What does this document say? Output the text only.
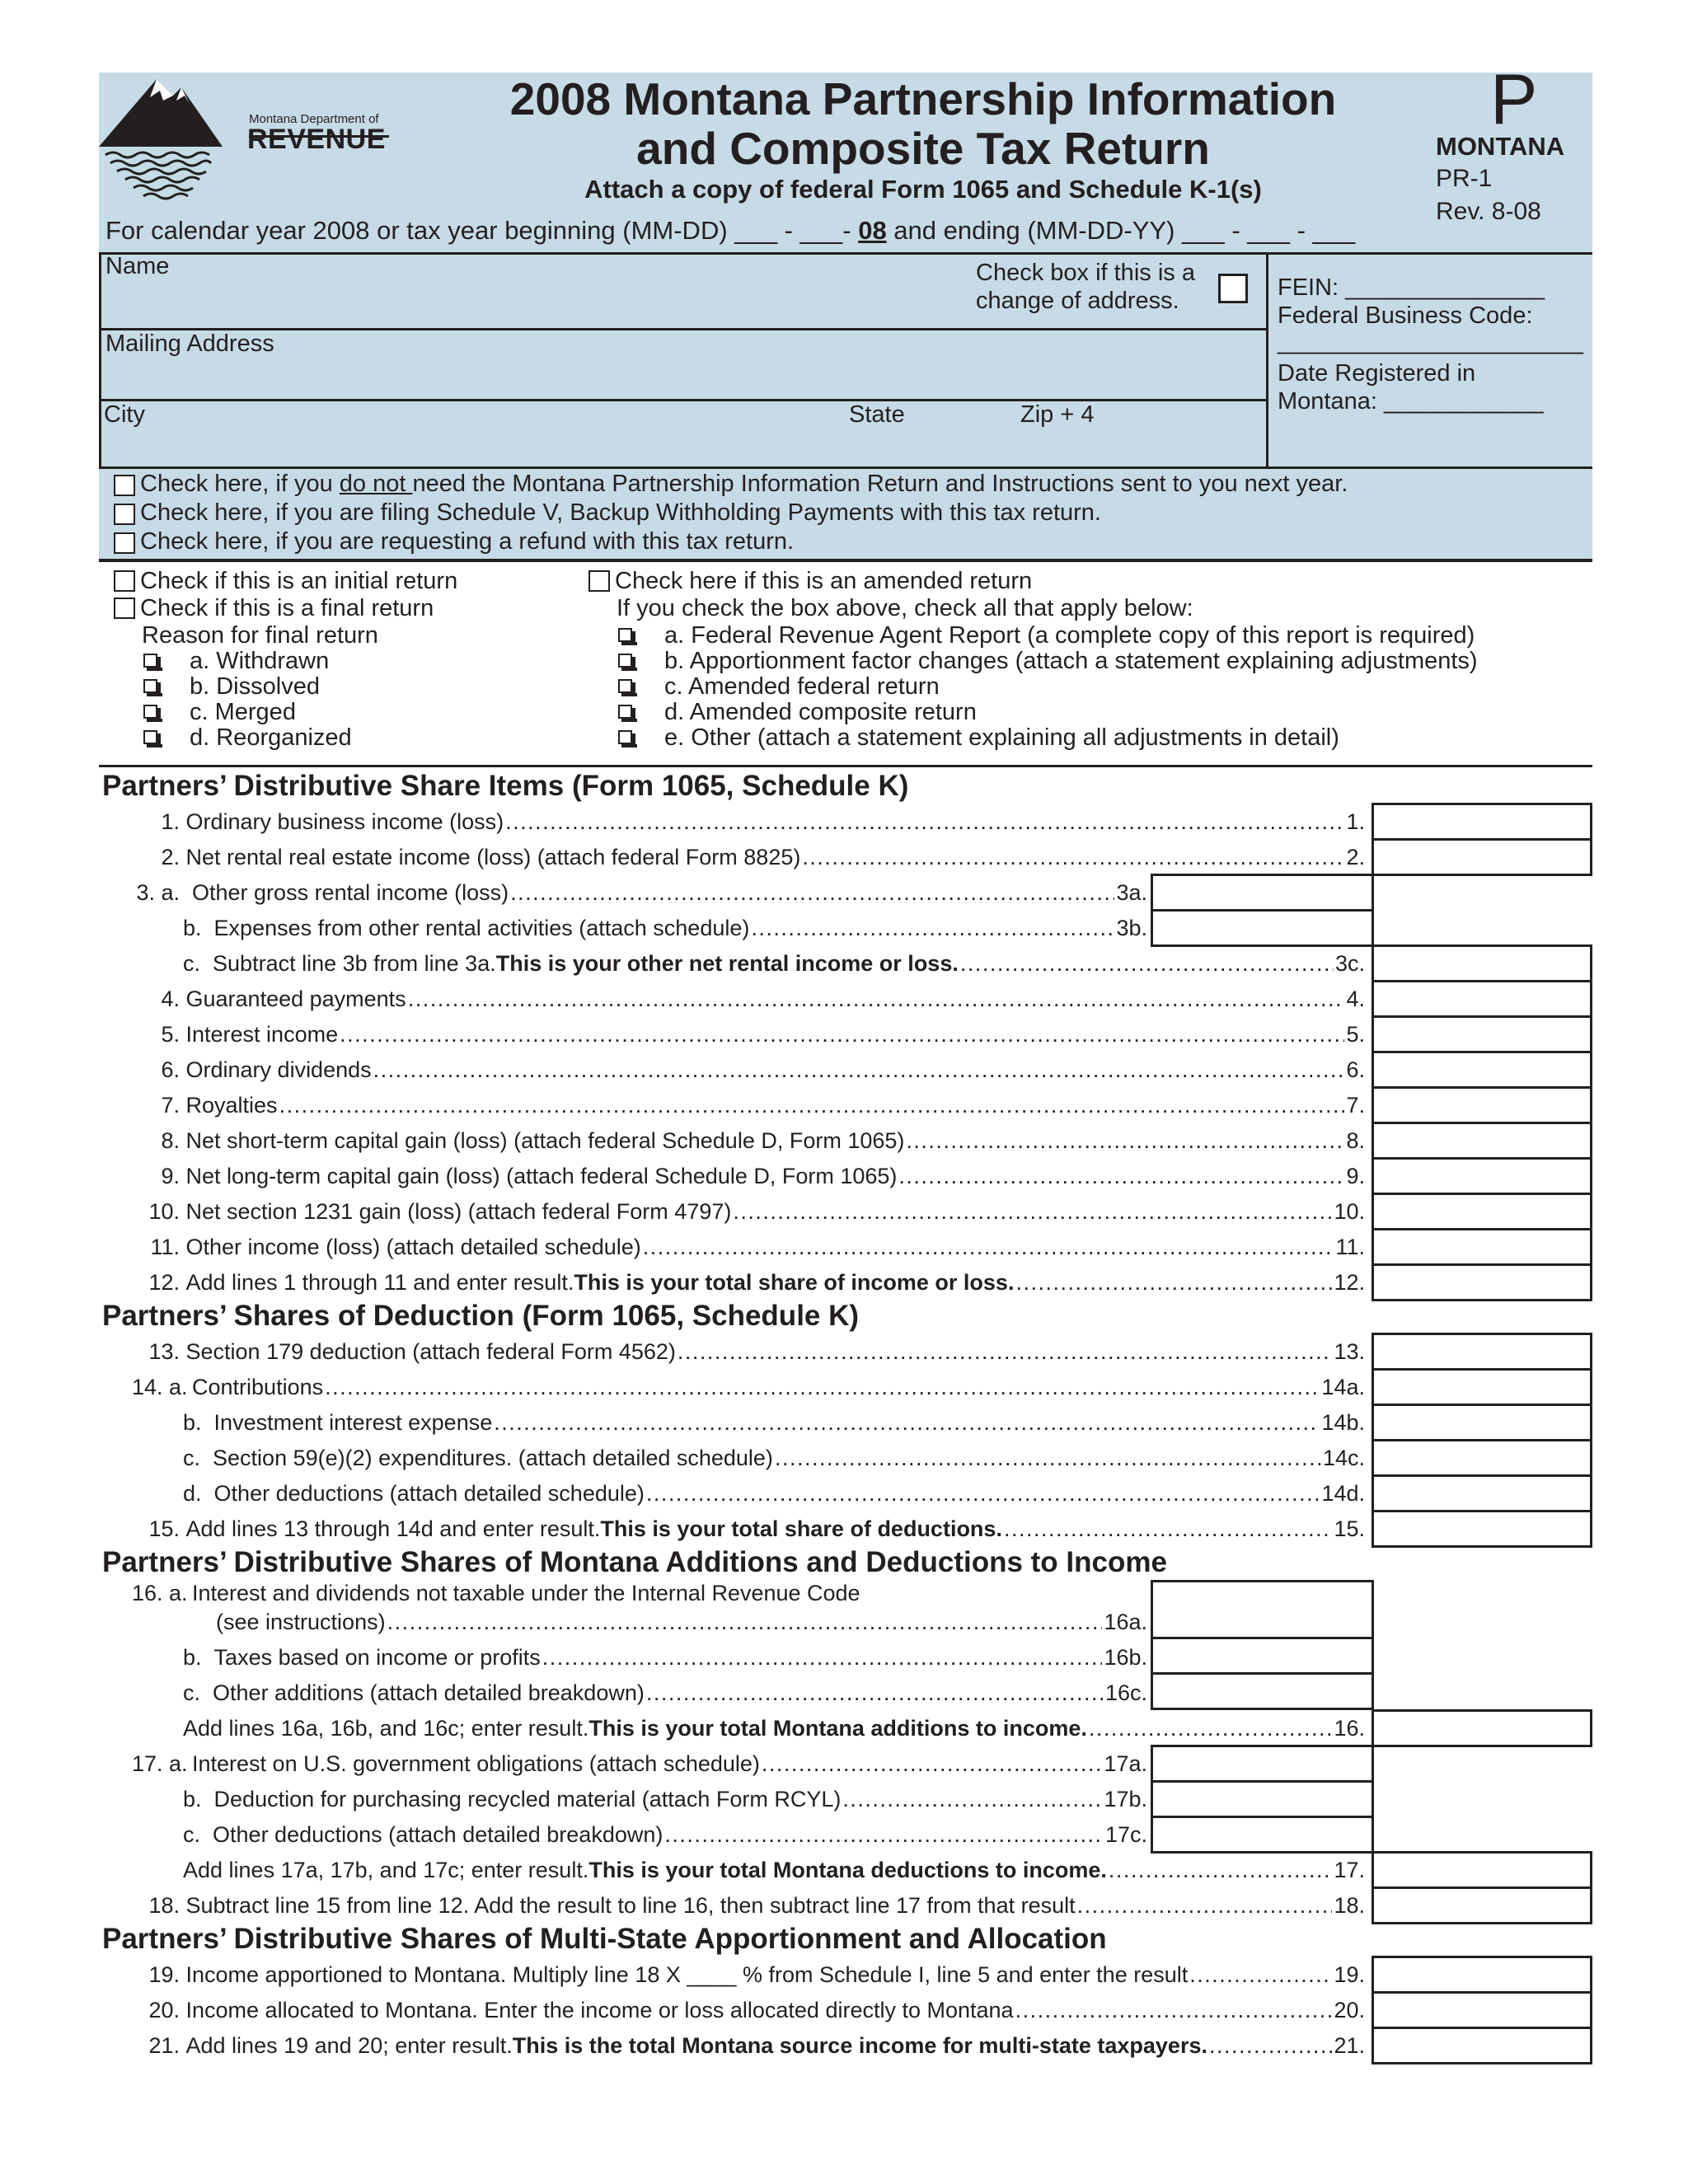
Montana Department of
REVENUE
2008 Montana Partnership Information
and Composite Tax Return
Attach a copy of federal Form 1065 and Schedule K-1(s)
P
MONTANA
PR-1
Rev. 8-08
For calendar year 2008 or tax year beginning (MM-DD) ___ - ___- 08 and ending (MM-DD-YY) ___ - ___ - ___
Name	Check box if this is a
change of address.
Mailing Address
City	State	Zip + 4
FEIN: _______________
Federal Business Code:
_______________________
Date Registered in
Montana: ____________
Check here, if you do not need the Montana Partnership Information Return and Instructions sent to you next year.
Check here, if you are filing Schedule V, Backup Withholding Payments with this tax return.
Check here, if you are requesting a refund with this tax return.
Check if this is an initial return
Check if this is a final return
Reason for final return
a. Withdrawn
b. Dissolved
c. Merged
d. Reorganized
Check here if this is an amended return
If you check the box above, check all that apply below:
a. Federal Revenue Agent Report (a complete copy of this report is required)
b. Apportionment factor changes (attach a statement explaining adjustments)
c. Amended federal return
d. Amended composite return
e. Other (attach a statement explaining all adjustments in detail)
Partners’ Distributive Share Items (Form 1065, Schedule K)
1.
Ordinary business income (loss) . . .	1.
2.
Net rental real estate income (loss) (attach federal Form 8825) . . .	2.
3. a.
Other gross rental income (loss) . . .	3a.
b.
Expenses from other rental activities (attach schedule) . . .	3b.
c.
Subtract line 3b from line 3a. This is your other net rental income or loss. . . .	3c.
4.
Guaranteed payments . . .	4.
5.
Interest income . . .	5.
6.
Ordinary dividends . . .	6.
7.
Royalties . . .	7.
8.
Net short-term capital gain (loss) (attach federal Schedule D, Form 1065) . . .	8.
9.
Net long-term capital gain (loss) (attach federal Schedule D, Form 1065) . . .	9.
10.
Net section 1231 gain (loss) (attach federal Form 4797) . . .	10.
11.
Other income (loss) (attach detailed schedule) . . .	11.
12.
Add lines 1 through 11 and enter result. This is your total share of income or loss. . . .	12.
Partners’ Shares of Deduction (Form 1065, Schedule K)
13.
Section 179 deduction (attach federal Form 4562) . . .	13.
14. a.
Contributions . . .	14a.
b.
Investment interest expense . . .	14b.
c.
Section 59(e)(2) expenditures. (attach detailed schedule) . . .	14c.
d.
Other deductions (attach detailed schedule) . . .	14d.
15.
Add lines 13 through 14d and enter result. This is your total share of deductions. . . .	15.
Partners’ Distributive Shares of Montana Additions and Deductions to Income
16. a.
Interest and dividends not taxable under the Internal Revenue Code
(see instructions) . . .	16a.
b.
Taxes based on income or profits . . .	16b.
c.
Other additions (attach detailed breakdown) . . .	16c.
Add lines 16a, 16b, and 16c; enter result. This is your total Montana additions to income. . . .	16.
17. a.
Interest on U.S. government obligations (attach schedule) . . .	17a.
b.
Deduction for purchasing recycled material (attach Form RCYL) . . .	17b.
c.
Other deductions (attach detailed breakdown) . . .	17c.
Add lines 17a, 17b, and 17c; enter result. This is your total Montana deductions to income. . . .	17.
18.
Subtract line 15 from line 12. Add the result to line 16, then subtract line 17 from that result . . .	18.
Partners’ Distributive Shares of Multi-State Apportionment and Allocation
19.
Income apportioned to Montana. Multiply line 18 X ____ % from Schedule I, line 5 and enter the result . . .	19.
20.
Income allocated to Montana. Enter the income or loss allocated directly to Montana . . .	20.
21.
Add lines 19 and 20; enter result. This is the total Montana source income for multi-state taxpayers. . . .	21.
